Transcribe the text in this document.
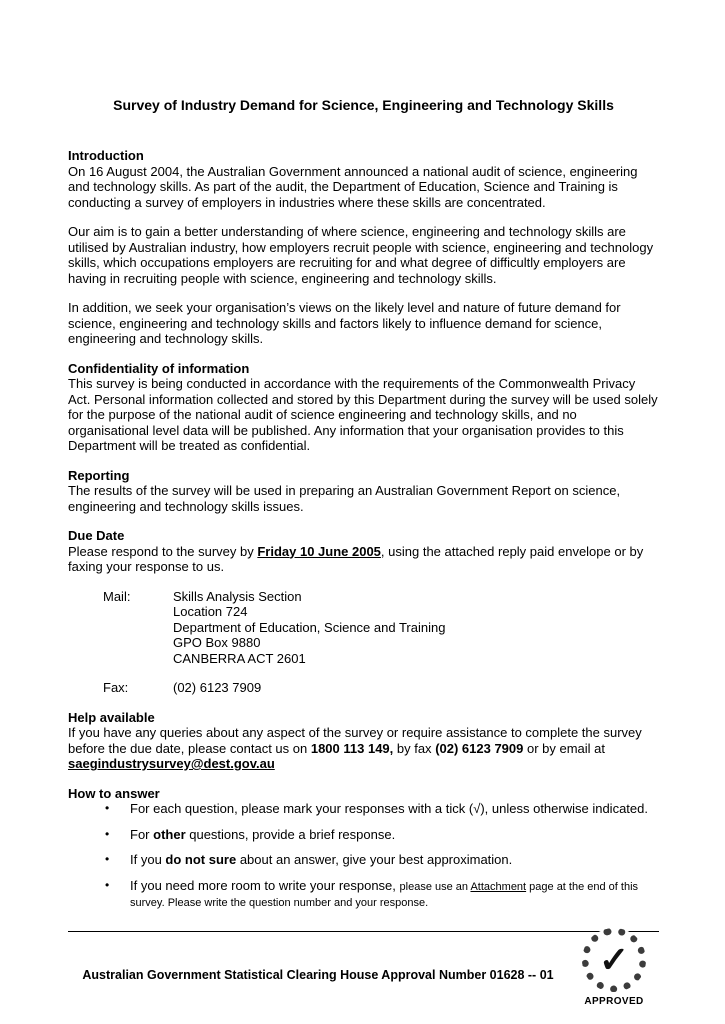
Survey of Industry Demand for Science, Engineering and Technology Skills
Introduction

On 16 August 2004, the Australian Government announced a national audit of science, engineering and technology skills. As part of the audit, the Department of Education, Science and Training is conducting a survey of employers in industries where these skills are concentrated.

Our aim is to gain a better understanding of where science, engineering and technology skills are utilised by Australian industry, how employers recruit people with science, engineering and technology skills, which occupations employers are recruiting for and what degree of difficultly employers are having in recruiting people with science, engineering and technology skills.

In addition, we seek your organisation’s views on the likely level and nature of future demand for science, engineering and technology skills and factors likely to influence demand for science, engineering and technology skills.

Confidentiality of information

This survey is being conducted in accordance with the requirements of the Commonwealth Privacy Act. Personal information collected and stored by this Department during the survey will be used solely for the purpose of the national audit of science engineering and technology skills, and no organisational level data will be published. Any information that your organisation provides to this Department will be treated as confidential.

Reporting

The results of the survey will be used in preparing an Australian Government Report on science, engineering and technology skills issues.

Due Date

Please respond to the survey by Friday 10 June 2005, using the attached reply paid envelope or by faxing your response to us.

Mail:	Skills Analysis Section
Location 724
Department of Education, Science and Training
GPO Box 9880
CANBERRA ACT 2601
Fax:	(02) 6123 7909
Help available

If you have any queries about any aspect of the survey or require assistance to complete the survey before the due date, please contact us on 1800 113 149, by fax (02) 6123 7909 or by email at saegindustrysurvey@dest.gov.au

How to answer
•	For each question, please mark your responses with a tick (√), unless otherwise indicated.
•	For other questions, provide a brief response.
•	If you do not sure about an answer, give your best approximation.
•	If you need more room to write your response, please use an Attachment page at the end of this survey. Please write the question number and your response.
Australian Government Statistical Clearing House Approval Number 01628 -- 01	✓
APPROVED
